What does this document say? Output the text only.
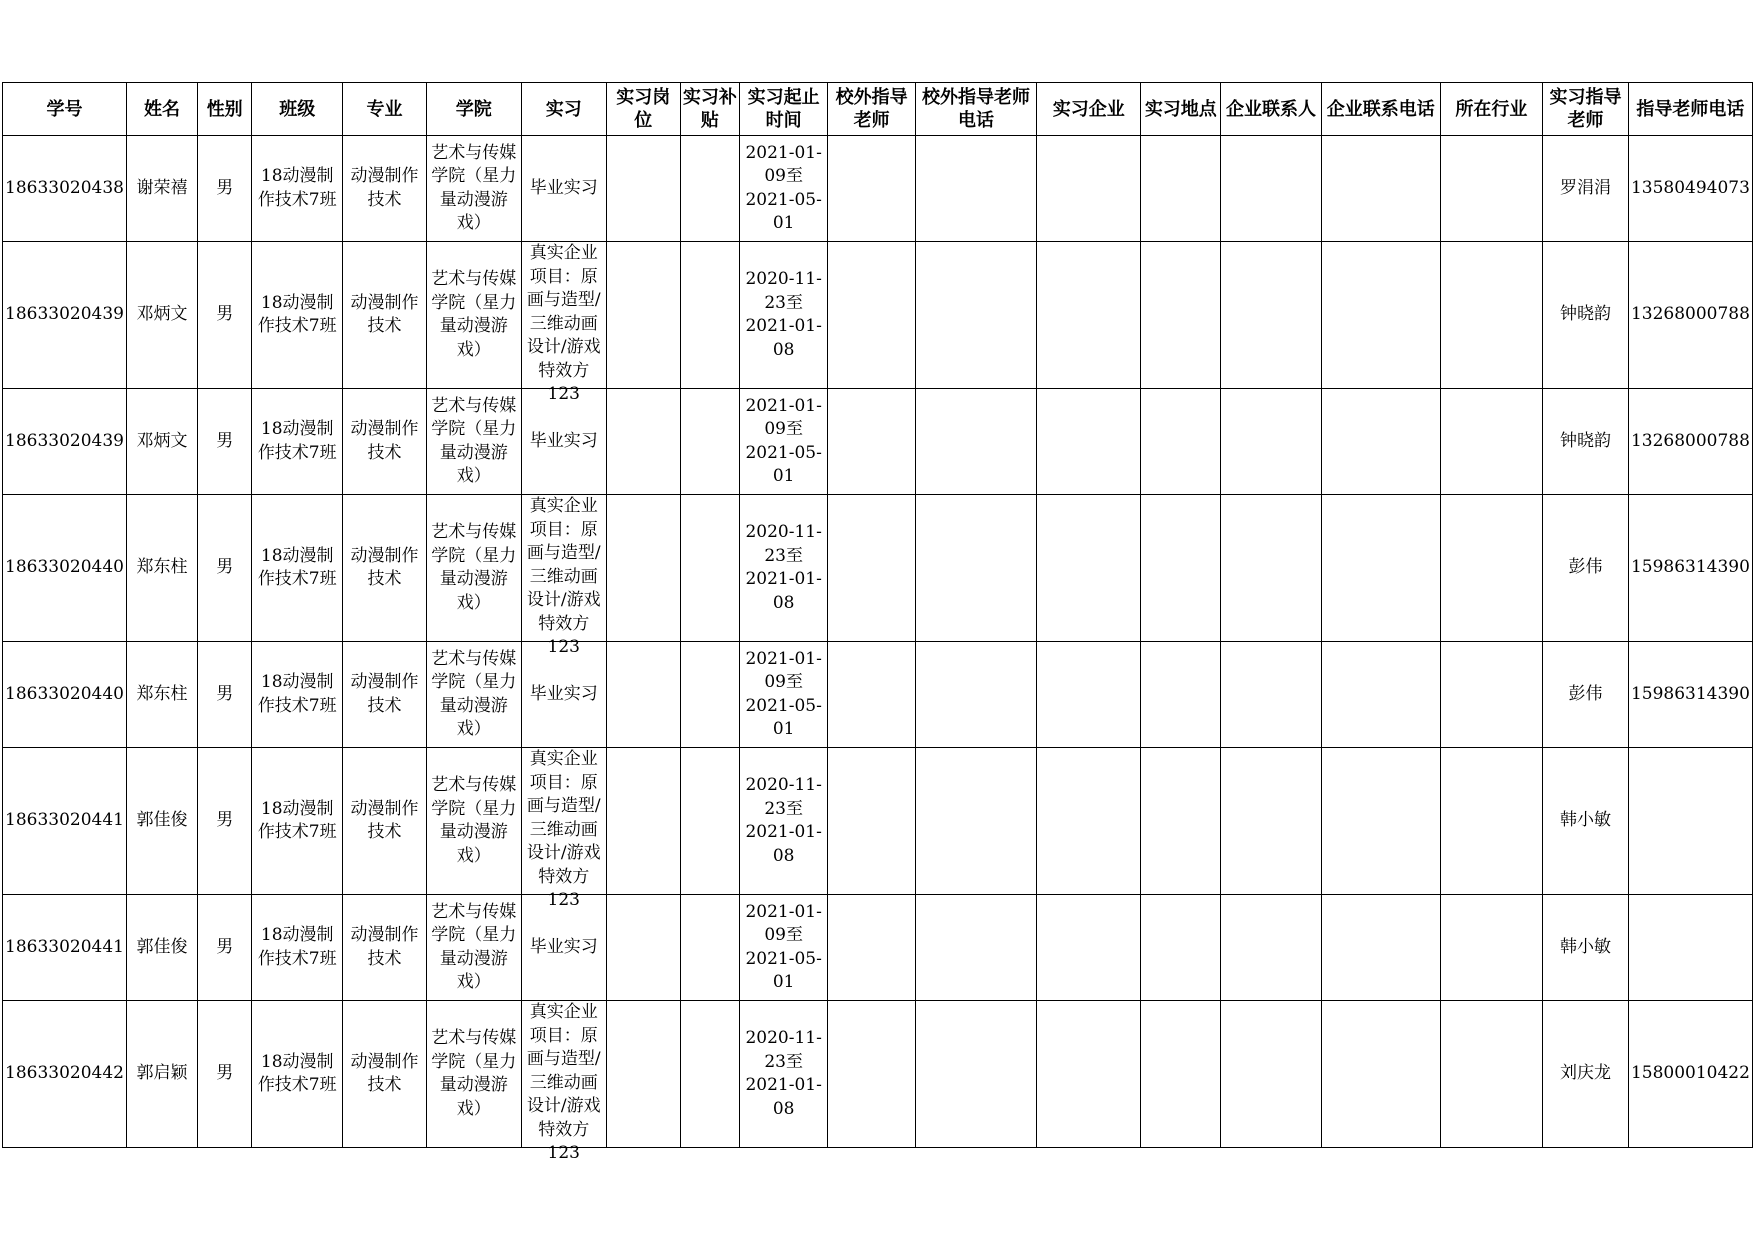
学号	姓名	性别	班级	专业	学院	实习	实习岗位	实习补贴	实习起止时间	校外指导老师	校外指导老师电话	实习企业	实习地点	企业联系人	企业联系电话	所在行业	实习指导老师	指导老师电话

18633020438	谢荣禧	男	18动漫制作技术7班	动漫制作技术	艺术与传媒学院（星力量动漫游戏）	毕业实习			2021-01-09至2021-05-01								罗涓涓	13580494073

18633020439	邓炳文	男	18动漫制作技术7班	动漫制作技术	艺术与传媒学院（星力量动漫游戏）	真实企业项目：原画与造型/三维动画设计/游戏特效方123			2020-11-23至2021-01-08								钟晓韵	13268000788

18633020439	邓炳文	男	18动漫制作技术7班	动漫制作技术	艺术与传媒学院（星力量动漫游戏）	毕业实习			2021-01-09至2021-05-01								钟晓韵	13268000788

18633020440	郑东柱	男	18动漫制作技术7班	动漫制作技术	艺术与传媒学院（星力量动漫游戏）	真实企业项目：原画与造型/三维动画设计/游戏特效方123			2020-11-23至2021-01-08								彭伟	15986314390

18633020440	郑东柱	男	18动漫制作技术7班	动漫制作技术	艺术与传媒学院（星力量动漫游戏）	毕业实习			2021-01-09至2021-05-01								彭伟	15986314390

18633020441	郭佳俊	男	18动漫制作技术7班	动漫制作技术	艺术与传媒学院（星力量动漫游戏）	真实企业项目：原画与造型/三维动画设计/游戏特效方123			2020-11-23至2021-01-08								韩小敏	

18633020441	郭佳俊	男	18动漫制作技术7班	动漫制作技术	艺术与传媒学院（星力量动漫游戏）	毕业实习			2021-01-09至2021-05-01								韩小敏	

18633020442	郭启颖	男	18动漫制作技术7班	动漫制作技术	艺术与传媒学院（星力量动漫游戏）	真实企业项目：原画与造型/三维动画设计/游戏特效方123			2020-11-23至2021-01-08								刘庆龙	15800010422
